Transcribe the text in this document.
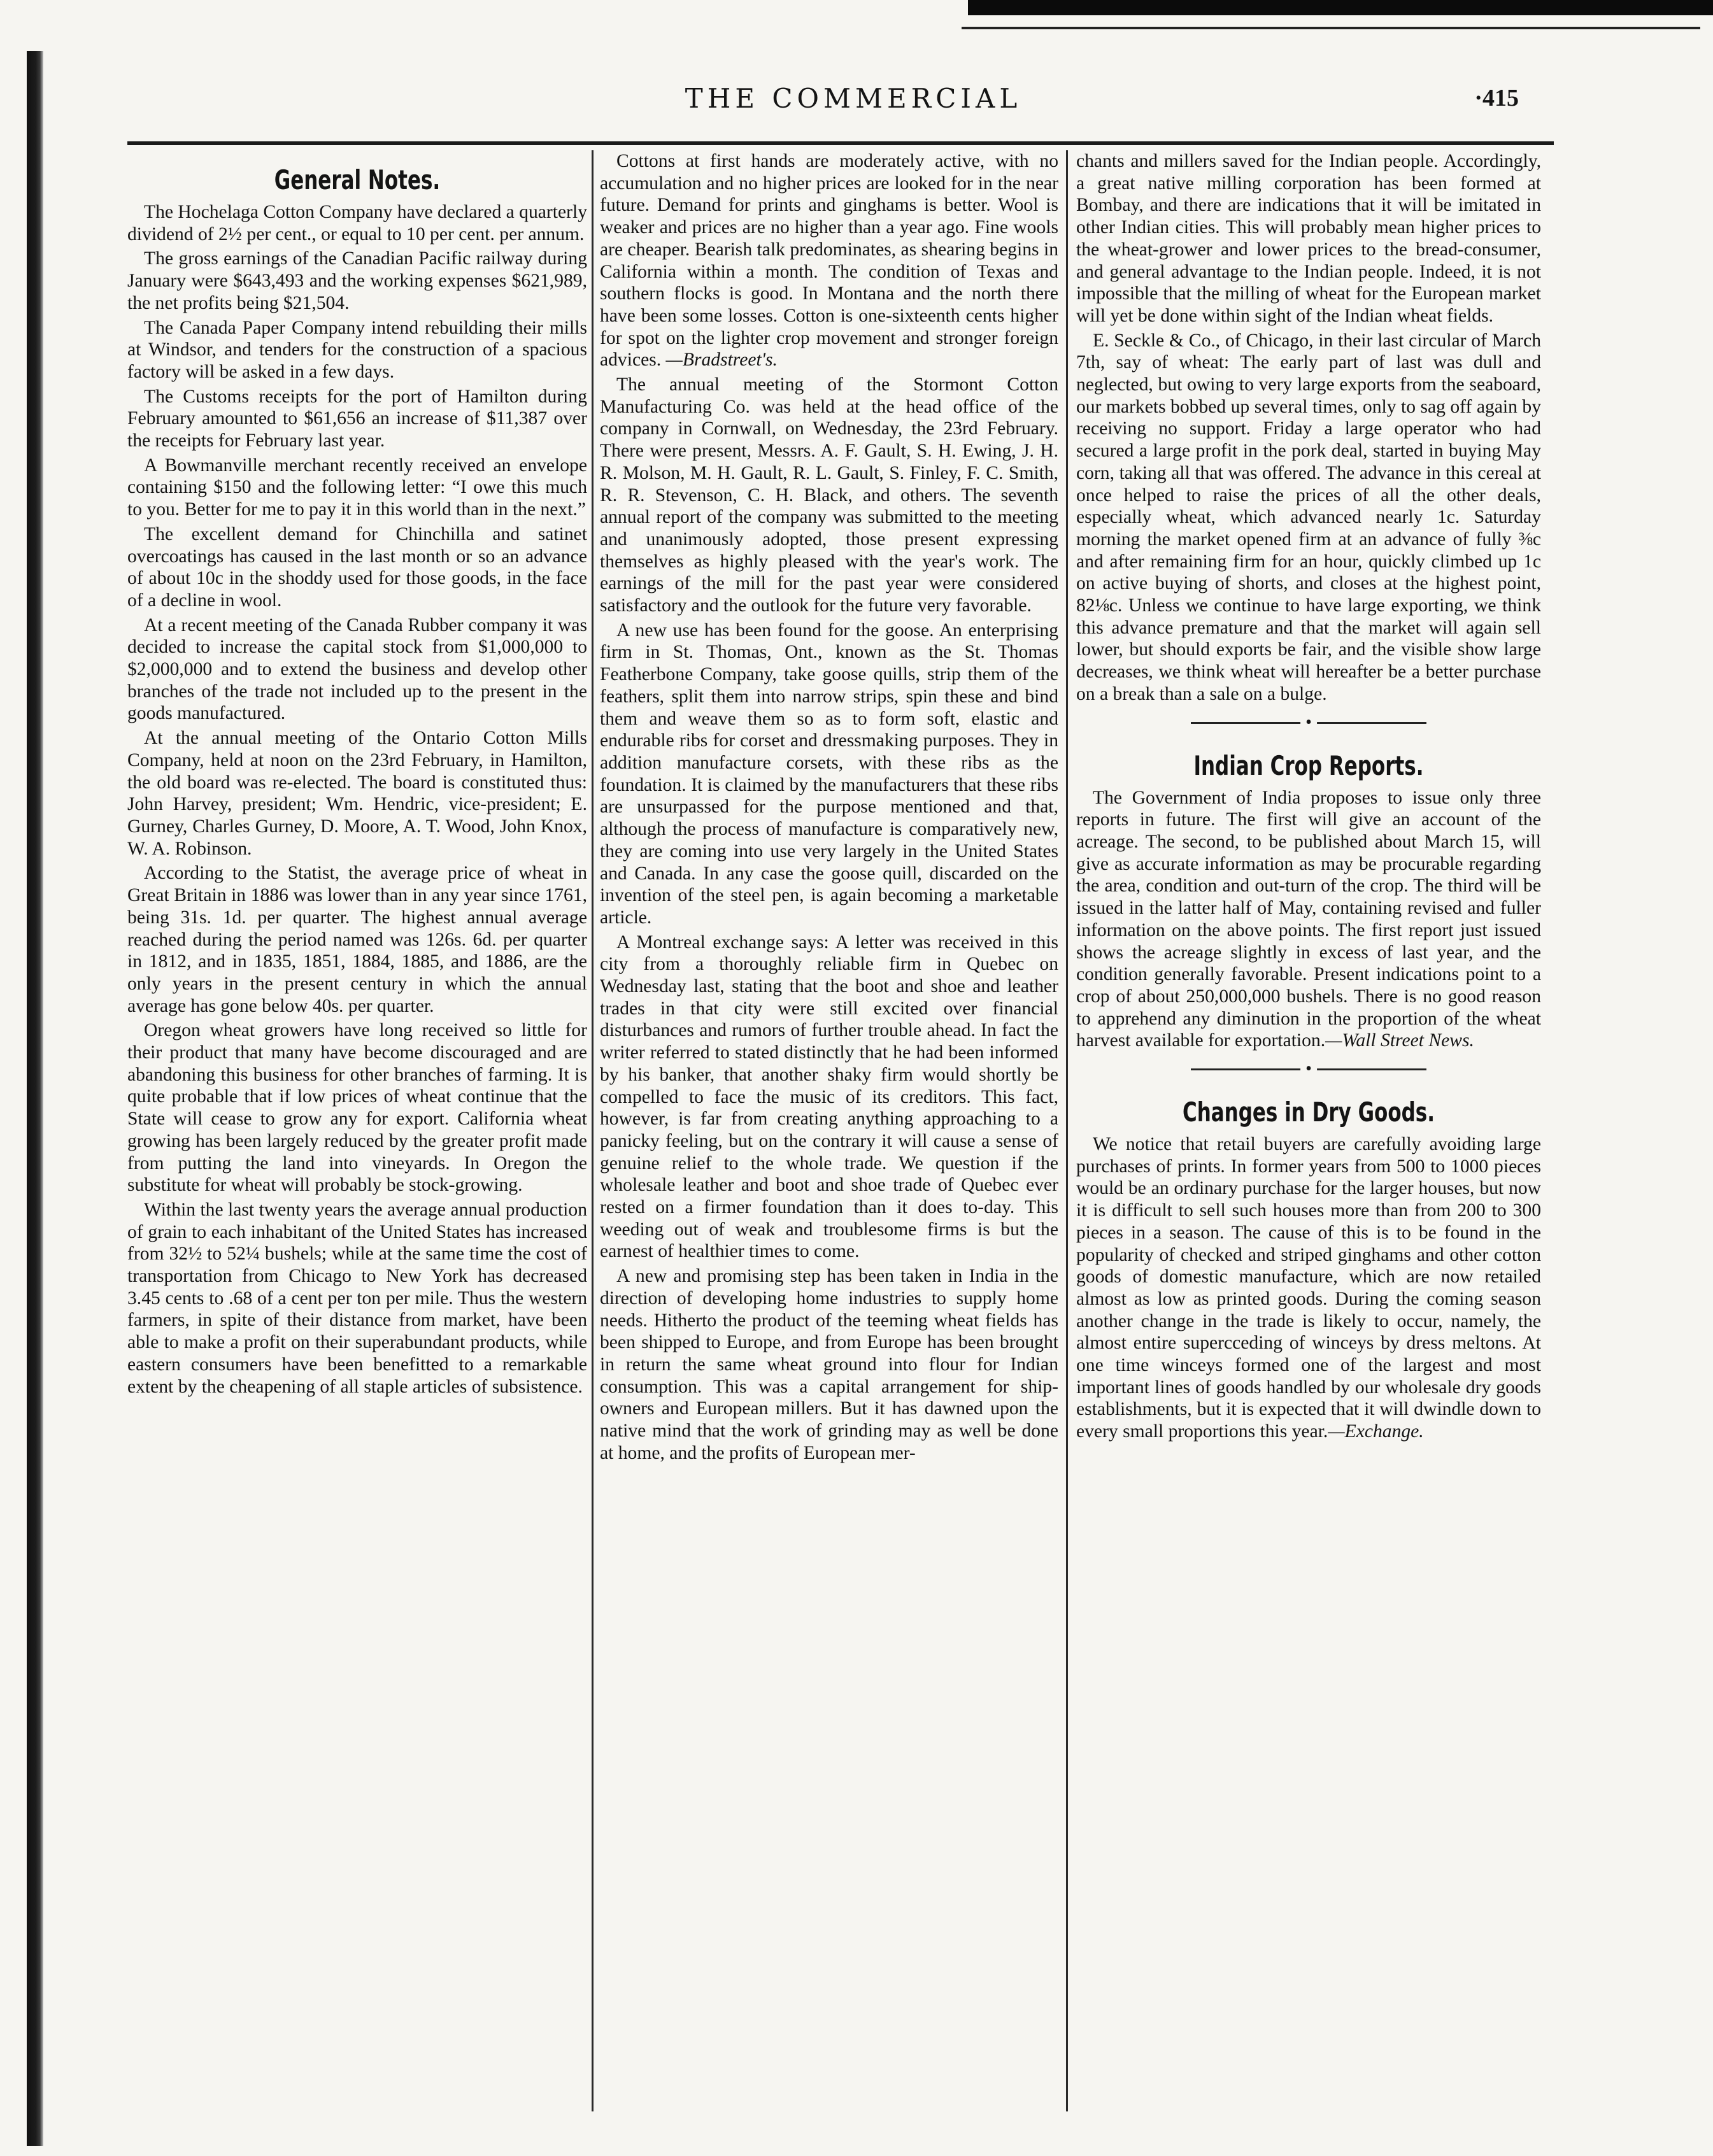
THE COMMERCIAL	·415
General Notes.

The Hochelaga Cotton Company have declared a quarterly dividend of 2½ per cent., or equal to 10 per cent. per annum.

The gross earnings of the Canadian Pacific railway during January were $643,493 and the working expenses $621,989, the net profits being $21,504.

The Canada Paper Company intend rebuilding their mills at Windsor, and tenders for the construction of a spacious factory will be asked in a few days.

The Customs receipts for the port of Hamilton during February amounted to $61,656 an increase of $11,387 over the receipts for February last year.

A Bowmanville merchant recently received an envelope containing $150 and the following letter: “I owe this much to you. Better for me to pay it in this world than in the next.”

The excellent demand for Chinchilla and satinet overcoatings has caused in the last month or so an advance of about 10c in the shoddy used for those goods, in the face of a decline in wool.

At a recent meeting of the Canada Rubber company it was decided to increase the capital stock from $1,000,000 to $2,000,000 and to extend the business and develop other branches of the trade not included up to the present in the goods manufactured.

At the annual meeting of the Ontario Cotton Mills Company, held at noon on the 23rd February, in Hamilton, the old board was re-elected. The board is constituted thus: John Harvey, president; Wm. Hendric, vice-president; E. Gurney, Charles Gurney, D. Moore, A. T. Wood, John Knox, W. A. Robinson.

According to the Statist, the average price of wheat in Great Britain in 1886 was lower than in any year since 1761, being 31s. 1d. per quarter. The highest annual average reached during the period named was 126s. 6d. per quarter in 1812, and in 1835, 1851, 1884, 1885, and 1886, are the only years in the present century in which the annual average has gone below 40s. per quarter.

Oregon wheat growers have long received so little for their product that many have become discouraged and are abandoning this business for other branches of farming. It is quite probable that if low prices of wheat continue that the State will cease to grow any for export. California wheat growing has been largely reduced by the greater profit made from putting the land into vineyards. In Oregon the substitute for wheat will probably be stock-growing.

Within the last twenty years the average annual production of grain to each inhabitant of the United States has increased from 32½ to 52¼ bushels; while at the same time the cost of transportation from Chicago to New York has decreased 3.45 cents to .68 of a cent per ton per mile. Thus the western farmers, in spite of their distance from market, have been able to make a profit on their superabundant products, while eastern consumers have been benefitted to a remarkable extent by the cheapening of all staple articles of subsistence.

Cottons at first hands are moderately active, with no accumulation and no higher prices are looked for in the near future. Demand for prints and ginghams is better. Wool is weaker and prices are no higher than a year ago. Fine wools are cheaper. Bearish talk predominates, as shearing begins in California within a month. The condition of Texas and southern flocks is good. In Montana and the north there have been some losses. Cotton is one-sixteenth cents higher for spot on the lighter crop movement and stronger foreign advices. —Bradstreet's.

The annual meeting of the Stormont Cotton Manufacturing Co. was held at the head office of the company in Cornwall, on Wednesday, the 23rd February. There were present, Messrs. A. F. Gault, S. H. Ewing, J. H. R. Molson, M. H. Gault, R. L. Gault, S. Finley, F. C. Smith, R. R. Stevenson, C. H. Black, and others. The seventh annual report of the company was submitted to the meeting and unanimously adopted, those present expressing themselves as highly pleased with the year's work. The earnings of the mill for the past year were considered satisfactory and the outlook for the future very favorable.

A new use has been found for the goose. An enterprising firm in St. Thomas, Ont., known as the St. Thomas Featherbone Company, take goose quills, strip them of the feathers, split them into narrow strips, spin these and bind them and weave them so as to form soft, elastic and endurable ribs for corset and dressmaking purposes. They in addition manufacture corsets, with these ribs as the foundation. It is claimed by the manufacturers that these ribs are unsurpassed for the purpose mentioned and that, although the process of manufacture is comparatively new, they are coming into use very largely in the United States and Canada. In any case the goose quill, discarded on the invention of the steel pen, is again becoming a marketable article.

A Montreal exchange says: A letter was received in this city from a thoroughly reliable firm in Quebec on Wednesday last, stating that the boot and shoe and leather trades in that city were still excited over financial disturbances and rumors of further trouble ahead. In fact the writer referred to stated distinctly that he had been informed by his banker, that another shaky firm would shortly be compelled to face the music of its creditors. This fact, however, is far from creating anything approaching to a panicky feeling, but on the contrary it will cause a sense of genuine relief to the whole trade. We question if the wholesale leather and boot and shoe trade of Quebec ever rested on a firmer foundation than it does to-day. This weeding out of weak and troublesome firms is but the earnest of healthier times to come.

A new and promising step has been taken in India in the direction of developing home industries to supply home needs. Hitherto the product of the teeming wheat fields has been shipped to Europe, and from Europe has been brought in return the same wheat ground into flour for Indian consumption. This was a capital arrangement for ship-owners and European millers. But it has dawned upon the native mind that the work of grinding may as well be done at home, and the profits of European mer-

chants and millers saved for the Indian people. Accordingly, a great native milling corporation has been formed at Bombay, and there are indications that it will be imitated in other Indian cities. This will probably mean higher prices to the wheat-grower and lower prices to the bread-consumer, and general advantage to the Indian people. Indeed, it is not impossible that the milling of wheat for the European market will yet be done within sight of the Indian wheat fields.

E. Seckle & Co., of Chicago, in their last circular of March 7th, say of wheat: The early part of last was dull and neglected, but owing to very large exports from the seaboard, our markets bobbed up several times, only to sag off again by receiving no support. Friday a large operator who had secured a large profit in the pork deal, started in buying May corn, taking all that was offered. The advance in this cereal at once helped to raise the prices of all the other deals, especially wheat, which advanced nearly 1c. Saturday morning the market opened firm at an advance of fully ⅜c and after remaining firm for an hour, quickly climbed up 1c on active buying of shorts, and closes at the highest point, 82⅛c. Unless we continue to have large exporting, we think this advance premature and that the market will again sell lower, but should exports be fair, and the visible show large decreases, we think wheat will hereafter be a better purchase on a break than a sale on a bulge.

•
Indian Crop Reports.

The Government of India proposes to issue only three reports in future. The first will give an account of the acreage. The second, to be published about March 15, will give as accurate information as may be procurable regarding the area, condition and out-turn of the crop. The third will be issued in the latter half of May, containing revised and fuller information on the above points. The first report just issued shows the acreage slightly in excess of last year, and the condition generally favorable. Present indications point to a crop of about 250,000,000 bushels. There is no good reason to apprehend any diminution in the proportion of the wheat harvest available for exportation.—Wall Street News.

•
Changes in Dry Goods.

We notice that retail buyers are carefully avoiding large purchases of prints. In former years from 500 to 1000 pieces would be an ordinary purchase for the larger houses, but now it is difficult to sell such houses more than from 200 to 300 pieces in a season. The cause of this is to be found in the popularity of checked and striped ginghams and other cotton goods of domestic manufacture, which are now retailed almost as low as printed goods. During the coming season another change in the trade is likely to occur, namely, the almost entire supercceding of winceys by dress meltons. At one time winceys formed one of the largest and most important lines of goods handled by our wholesale dry goods establishments, but it is expected that it will dwindle down to every small proportions this year.—Exchange.
